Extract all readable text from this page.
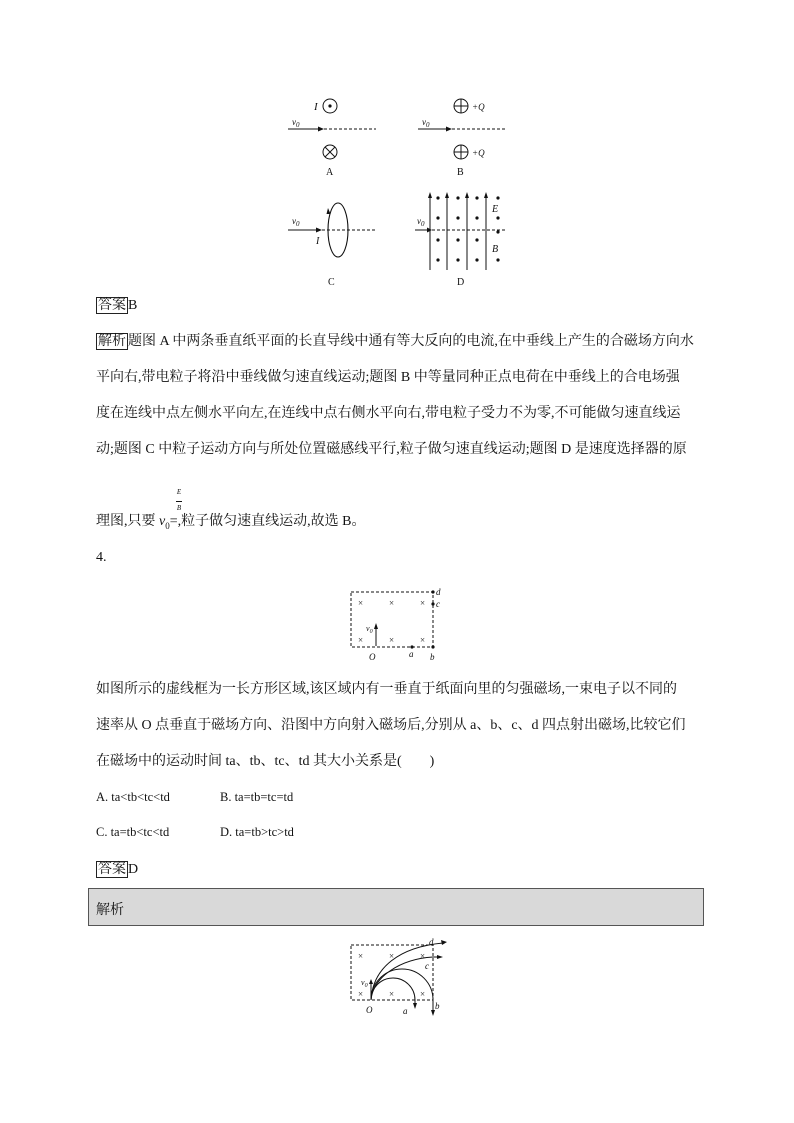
$v_0$
I
A
$v_0$
+Q
+Q
B
$v_0$
I
C
$v_0$
E
B
D
答案 B
解析 题图 A 中两条垂直纸平面的长直导线中通有等大反向的电流,在中垂线上产生的合磁场方向水
平向右,带电粒子将沿中垂线做匀速直线运动;题图 B 中等量同种正点电荷在中垂线上的合电场强
度在连线中点左侧水平向左,在连线中点右侧水平向右,带电粒子受力不为零,不可能做匀速直线运
动;题图 C 中粒子运动方向与所处位置磁感线平行,粒子做匀速直线运动;题图 D 是速度选择器的原
理图,只要 $v_0=$
E

B
,粒子做匀速直线运动,故选 B。
4.
×	×	×
×	×	×
$v_0$
d
c
a b
O
如图所示的虚线框为一长方形区域,该区域内有一垂直于纸面向里的匀强磁场,一束电子以不同的
速率从 O 点垂直于磁场方向、沿图中方向射入磁场后,分别从 a、b、c、d 四点射出磁场,比较它们
在磁场中的运动时间 ta、tb、tc、td 其大小关系是(　　)
A. ta<tb<tc<td	B. ta=tb=tc=td
C. ta=tb<tc<td	D. ta=tb>tc>td
答案 D
解析
×	×	×
×	×	×
$v_0$
d
c
a	b
O
